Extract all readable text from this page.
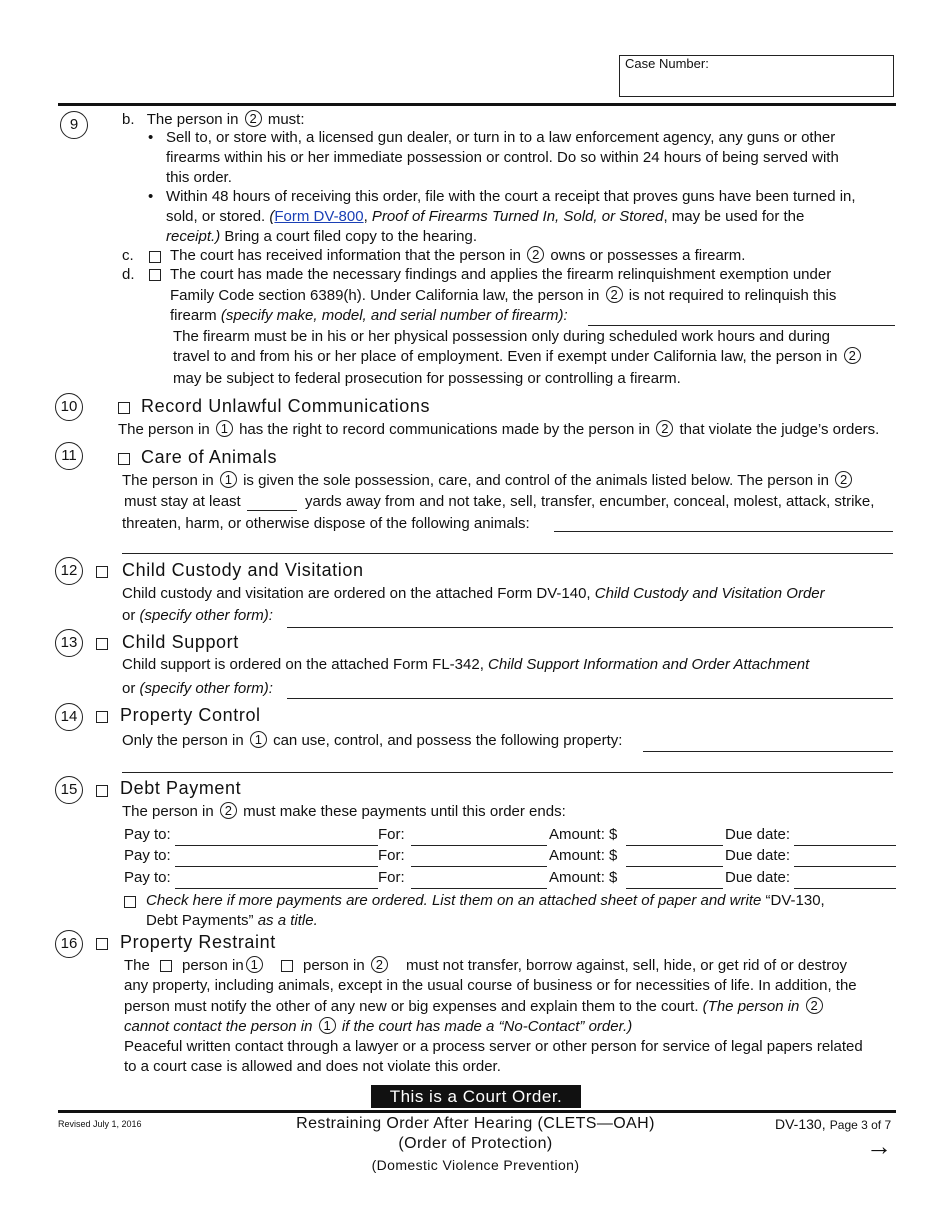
Case Number:
9	b. The person in 2 must:
• Sell to, or store with, a licensed gun dealer, or turn in to a law enforcement agency, any guns or other
firearms within his or her immediate possession or control. Do so within 24 hours of being served with
this order.
• Within 48 hours of receiving this order, file with the court a receipt that proves guns have been turned in,
sold, or stored. (Form DV-800, Proof of Firearms Turned In, Sold, or Stored, may be used for the
receipt.) Bring a court filed copy to the hearing.
c. The court has received information that the person in 2 owns or possesses a firearm.
d. The court has made the necessary findings and applies the firearm relinquishment exemption under
Family Code section 6389(h). Under California law, the person in 2 is not required to relinquish this
firearm (specify make, model, and serial number of firearm):
The firearm must be in his or her physical possession only during scheduled work hours and during
travel to and from his or her place of employment. Even if exempt under California law, the person in 2
may be subject to federal prosecution for possessing or controlling a firearm.
10	Record Unlawful Communications
The person in 1 has the right to record communications made by the person in 2 that violate the judge’s orders.
11	Care of Animals
The person in 1 is given the sole possession, care, and control of the animals listed below. The person in 2
must stay at least	yards away from and not take, sell, transfer, encumber, conceal, molest, attack, strike,
threaten, harm, or otherwise dispose of the following animals:
12	Child Custody and Visitation
Child custody and visitation are ordered on the attached Form DV-140, Child Custody and Visitation Order
or (specify other form):
13	Child Support
Child support is ordered on the attached Form FL-342, Child Support Information and Order Attachment
or (specify other form):
14	Property Control
Only the person in 1 can use, control, and possess the following property:
15	Debt Payment
The person in 2 must make these payments until this order ends:
Pay to:	For:	Amount: $	Due date:
Pay to:	For:	Amount: $	Due date:
Pay to:	For:	Amount: $	Due date:
Check here if more payments are ordered. List them on an attached sheet of paper and write “DV-130,
Debt Payments” as a title.
16	Property Restraint
The person in 1	person in 2	must not transfer, borrow against, sell, hide, or get rid of or destroy
any property, including animals, except in the usual course of business or for necessities of life. In addition, the
person must notify the other of any new or big expenses and explain them to the court. (The person in 2
cannot contact the person in 1 if the court has made a “No-Contact” order.)
Peaceful written contact through a lawyer or a process server or other person for service of legal papers related
to a court case is allowed and does not violate this order.
This is a Court Order.
Revised July 1, 2016	Restraining Order After Hearing (CLETS—OAH)
(Order of Protection)
(Domestic Violence Prevention)
DV-130, Page 3 of 7
→
